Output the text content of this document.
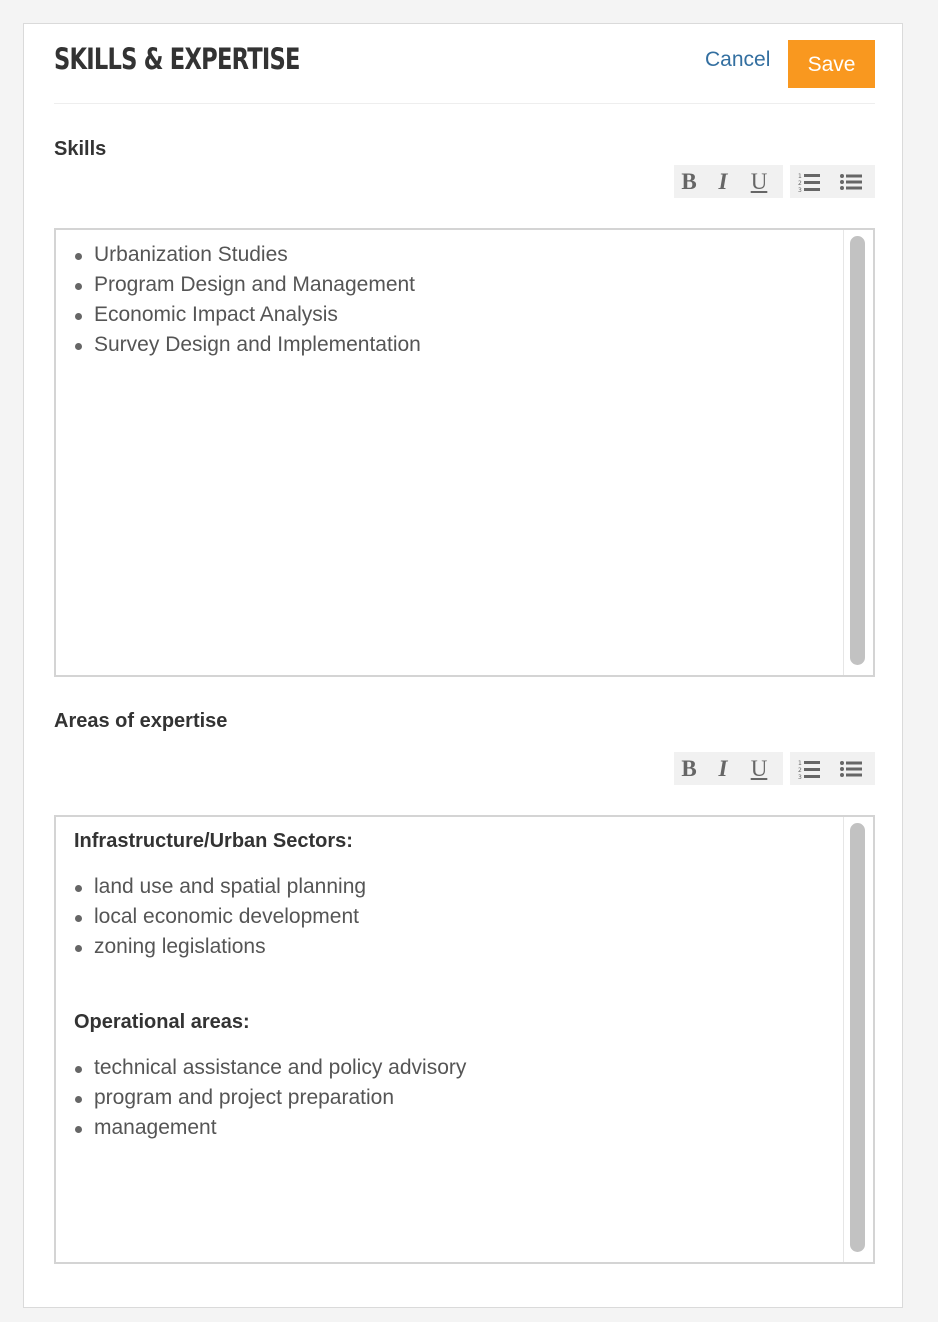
SKILLS & EXPERTISE	Cancel	Save
Skills
B I	U	1
2
3
Urbanization Studies
Program Design and Management
Economic Impact Analysis
Survey Design and Implementation
Areas of expertise
B I	U	1
2
3
Infrastructure/Urban Sectors:
land use and spatial planning
local economic development
zoning legislations
Operational areas:
technical assistance and policy advisory
program and project preparation
management
